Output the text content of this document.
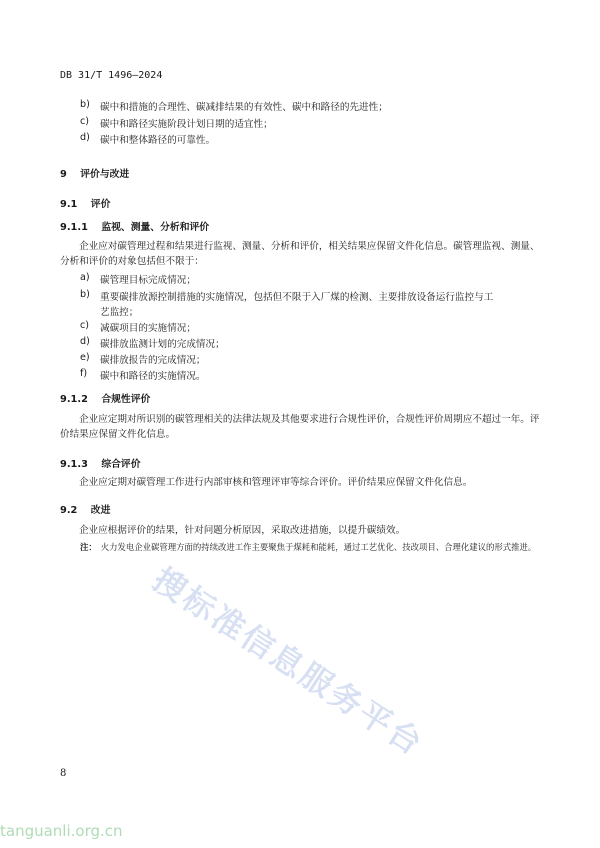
DB 31/T 1496—2024
b) 碳中和措施的合理性、碳减排结果的有效性、碳中和路径的先进性；
c) 碳中和路径实施阶段计划日期的适宜性；
d) 碳中和整体路径的可靠性。
9 评价与改进
9.1 评价
9.1.1 监视、测量、分析和评价
企业应对碳管理过程和结果进行监视、测量、分析和评价，相关结果应保留文件化信息。碳管理监视、测量、分析和评价的对象包括但不限于：
a) 碳管理目标完成情况；
b) 重要碳排放源控制措施的实施情况，包括但不限于入厂煤的检测、主要排放设备运行监控与工
艺监控；
c) 减碳项目的实施情况；
d) 碳排放监测计划的完成情况；
e) 碳排放报告的完成情况；
f) 碳中和路径的实施情况。
9.1.2 合规性评价
企业应定期对所识别的碳管理相关的法律法规及其他要求进行合规性评价，合规性评价周期应不超过一年。评价结果应保留文件化信息。
9.1.3 综合评价
企业应定期对碳管理工作进行内部审核和管理评审等综合评价。评价结果应保留文件化信息。
9.2 改进
企业应根据评价的结果，针对问题分析原因，采取改进措施，以提升碳绩效。
注： 火力发电企业碳管理方面的持续改进工作主要聚焦于煤耗和能耗，通过工艺优化、技改项目、合理化建议的形式推进。
搜标准信息服务平台
tanguanli.org.cn
8
